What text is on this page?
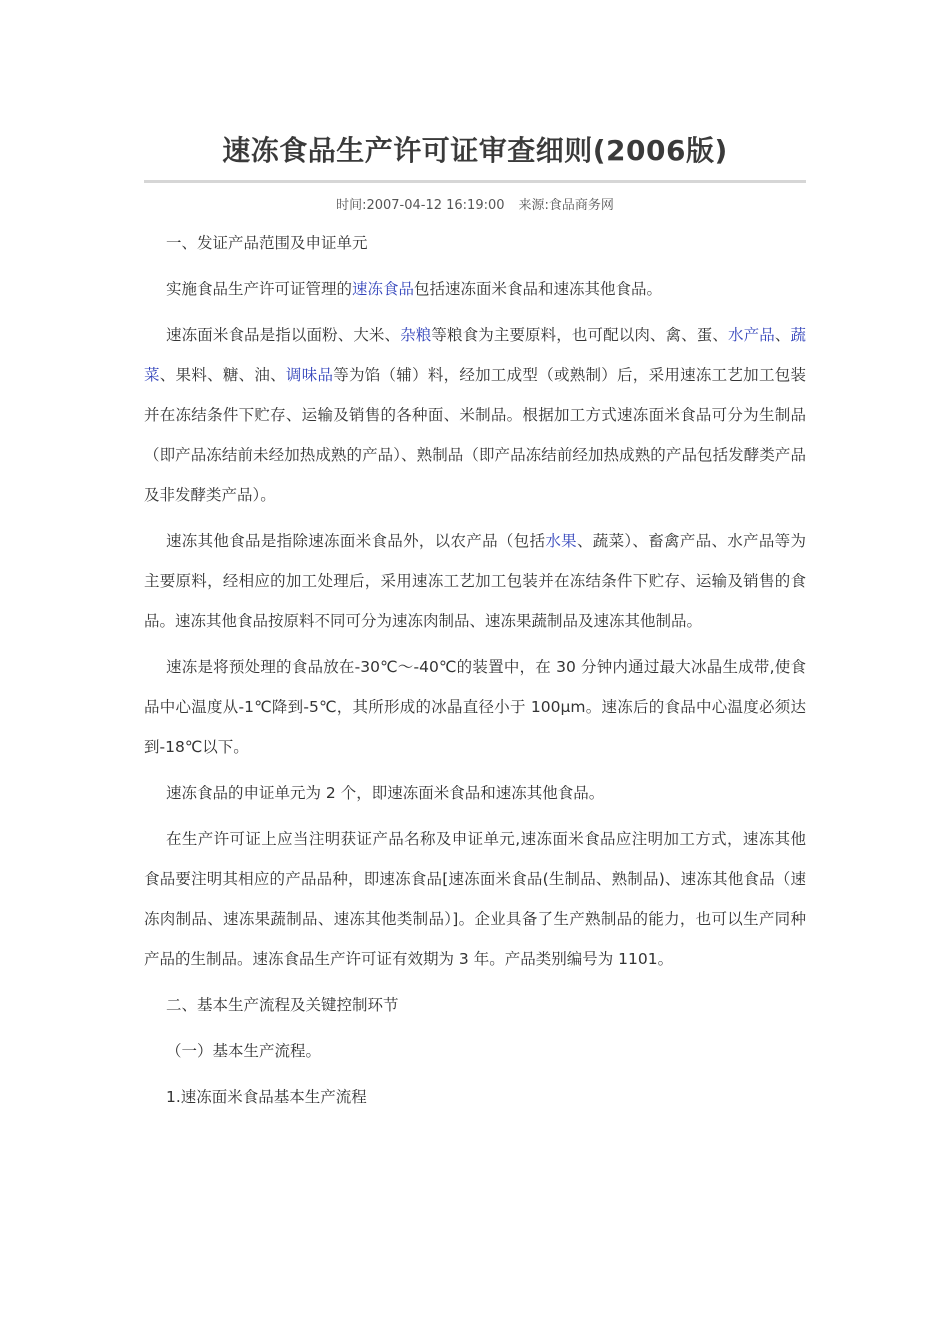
速冻食品生产许可证审查细则(2006版)
时间:2007-04-12 16:19:00 来源:食品商务网

一、发证产品范围及申证单元

实施食品生产许可证管理的速冻食品包括速冻面米食品和速冻其他食品。

速冻面米食品是指以面粉、大米、杂粮等粮食为主要原料，也可配以肉、禽、蛋、水产品、蔬菜、果料、糖、油、调味品等为馅（辅）料，经加工成型（或熟制）后，采用速冻工艺加工包装并在冻结条件下贮存、运输及销售的各种面、米制品。根据加工方式速冻面米食品可分为生制品（即产品冻结前未经加热成熟的产品）、熟制品（即产品冻结前经加热成熟的产品包括发酵类产品及非发酵类产品）。

速冻其他食品是指除速冻面米食品外，以农产品（包括水果、蔬菜）、畜禽产品、水产品等为主要原料，经相应的加工处理后，采用速冻工艺加工包装并在冻结条件下贮存、运输及销售的食品。速冻其他食品按原料不同可分为速冻肉制品、速冻果蔬制品及速冻其他制品。

速冻是将预处理的食品放在-30℃～-40℃的装置中，在 30 分钟内通过最大冰晶生成带,使食品中心温度从-1℃降到-5℃，其所形成的冰晶直径小于 100μm。速冻后的食品中心温度必须达到-18℃以下。

速冻食品的申证单元为 2 个，即速冻面米食品和速冻其他食品。

在生产许可证上应当注明获证产品名称及申证单元,速冻面米食品应注明加工方式，速冻其他食品要注明其相应的产品品种，即速冻食品[速冻面米食品(生制品、熟制品)、速冻其他食品（速冻肉制品、速冻果蔬制品、速冻其他类制品）]。企业具备了生产熟制品的能力，也可以生产同种产品的生制品。速冻食品生产许可证有效期为 3 年。产品类别编号为 1101。

二、基本生产流程及关键控制环节

（一）基本生产流程。

1.速冻面米食品基本生产流程
